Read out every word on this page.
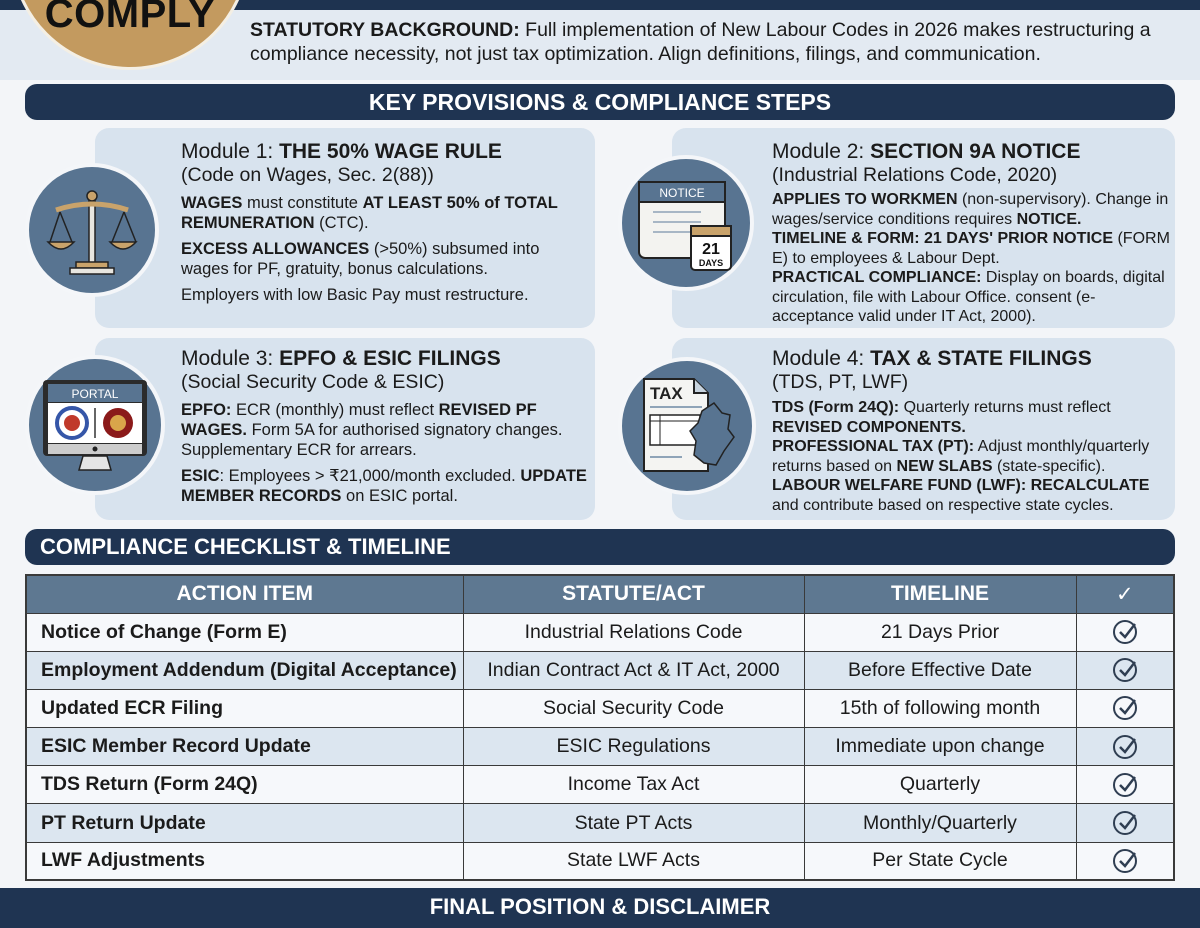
COMPLY STATUTORY BACKGROUND: Full implementation of New Labour Codes in 2026 makes restructuring a compliance necessity, not just tax optimization. Align definitions, filings, and communication.
KEY PROVISIONS & COMPLIANCE STEPS
Module 1: THE 50% WAGE RULE
(Code on Wages, Sec. 2(88))

WAGES must constitute AT LEAST 50% of TOTAL REMUNERATION (CTC).

EXCESS ALLOWANCES (>50%) subsumed into wages for PF, gratuity, bonus calculations.

Employers with low Basic Pay must restructure.

NOTICE
21
DAYS
Module 2: SECTION 9A NOTICE
(Industrial Relations Code, 2020)

APPLIES TO WORKMEN (non-supervisory). Change in wages/service conditions requires NOTICE.

TIMELINE & FORM: 21 DAYS' PRIOR NOTICE (FORM E) to employees & Labour Dept.

PRACTICAL COMPLIANCE: Display on boards, digital circulation, file with Labour Office. consent (e-acceptance valid under IT Act, 2000).

PORTAL
Module 3: EPFO & ESIC FILINGS
(Social Security Code & ESIC)

EPFO: ECR (monthly) must reflect REVISED PF WAGES. Form 5A for authorised signatory changes. Supplementary ECR for arrears.

ESIC: Employees > ₹21,000/month excluded. UPDATE MEMBER RECORDS on ESIC portal.

TAX
Module 4: TAX & STATE FILINGS
(TDS, PT, LWF)

TDS (Form 24Q): Quarterly returns must reflect REVISED COMPONENTS.

PROFESSIONAL TAX (PT): Adjust monthly/quarterly returns based on NEW SLABS (state-specific).

LABOUR WELFARE FUND (LWF): RECALCULATE and contribute based on respective state cycles.

COMPLIANCE CHECKLIST & TIMELINE
ACTION ITEM	STATUTE/ACT	TIMELINE	✓
Notice of Change (Form E)	Industrial Relations Code	21 Days Prior	

Employment Addendum (Digital Acceptance)	Indian Contract Act & IT Act, 2000	Before Effective Date	

Updated ECR Filing	Social Security Code	15th of following month	

ESIC Member Record Update	ESIC Regulations	Immediate upon change	

TDS Return (Form 24Q)	Income Tax Act	Quarterly	

PT Return Update	State PT Acts	Monthly/Quarterly	

LWF Adjustments	State LWF Acts	Per State Cycle	
FINAL POSITION & DISCLAIMER
